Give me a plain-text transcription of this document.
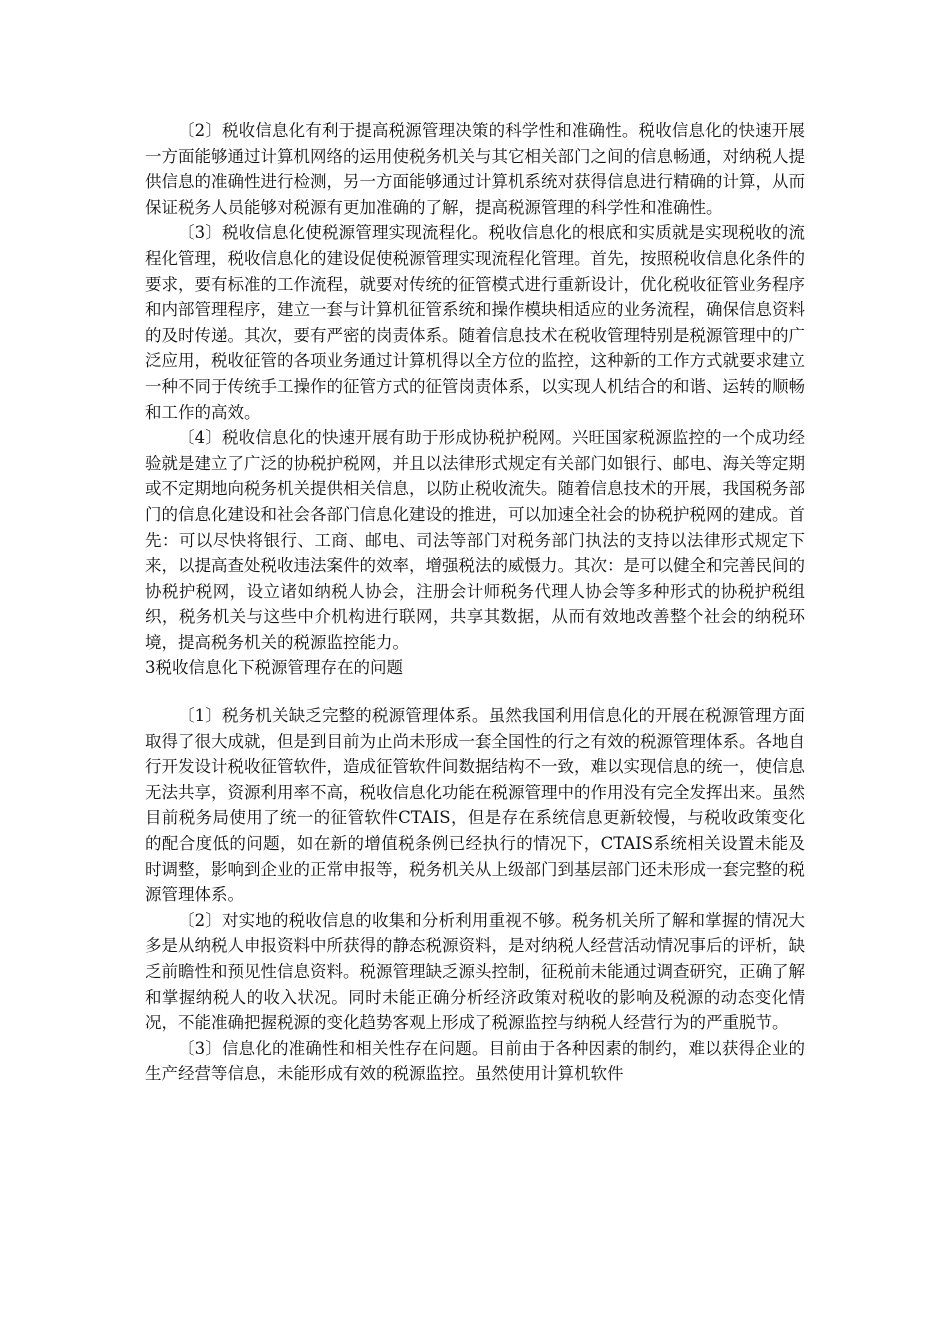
〔2〕税收信息化有利于提高税源管理决策的科学性和准确性。税收信息化的快速开展一方面能够通过计算机网络的运用使税务机关与其它相关部门之间的信息畅通，对纳税人提供信息的准确性进行检测，另一方面能够通过计算机系统对获得信息进行精确的计算，从而保证税务人员能够对税源有更加准确的了解，提高税源管理的科学性和准确性。

〔3〕税收信息化使税源管理实现流程化。税收信息化的根底和实质就是实现税收的流程化管理，税收信息化的建设促使税源管理实现流程化管理。首先，按照税收信息化条件的要求，要有标准的工作流程，就要对传统的征管模式进行重新设计，优化税收征管业务程序和内部管理程序，建立一套与计算机征管系统和操作模块相适应的业务流程，确保信息资料的及时传递。其次，要有严密的岗责体系。随着信息技术在税收管理特别是税源管理中的广泛应用，税收征管的各项业务通过计算机得以全方位的监控，这种新的工作方式就要求建立一种不同于传统手工操作的征管方式的征管岗责体系，以实现人机结合的和谐、运转的顺畅和工作的高效。

〔4〕税收信息化的快速开展有助于形成协税护税网。兴旺国家税源监控的一个成功经验就是建立了广泛的协税护税网，并且以法律形式规定有关部门如银行、邮电、海关等定期或不定期地向税务机关提供相关信息，以防止税收流失。随着信息技术的开展，我国税务部门的信息化建设和社会各部门信息化建设的推进，可以加速全社会的协税护税网的建成。首先：可以尽快将银行、工商、邮电、司法等部门对税务部门执法的支持以法律形式规定下来，以提高查处税收违法案件的效率，增强税法的威慑力。其次：是可以健全和完善民间的协税护税网，设立诸如纳税人协会，注册会计师税务代理人协会等多种形式的协税护税组织，税务机关与这些中介机构进行联网，共享其数据，从而有效地改善整个社会的纳税环境，提高税务机关的税源监控能力。

3税收信息化下税源管理存在的问题

〔1〕税务机关缺乏完整的税源管理体系。虽然我国利用信息化的开展在税源管理方面取得了很大成就，但是到目前为止尚未形成一套全国性的行之有效的税源管理体系。各地自行开发设计税收征管软件，造成征管软件间数据结构不一致，难以实现信息的统一，使信息无法共享，资源利用率不高，税收信息化功能在税源管理中的作用没有完全发挥出来。虽然目前税务局使用了统一的征管软件CTAIS，但是存在系统信息更新较慢，与税收政策变化的配合度低的问题，如在新的增值税条例已经执行的情况下，CTAIS系统相关设置未能及时调整，影响到企业的正常申报等，税务机关从上级部门到基层部门还未形成一套完整的税源管理体系。

〔2〕对实地的税收信息的收集和分析利用重视不够。税务机关所了解和掌握的情况大多是从纳税人申报资料中所获得的静态税源资料，是对纳税人经营活动情况事后的评析，缺乏前瞻性和预见性信息资料。税源管理缺乏源头控制，征税前未能通过调查研究，正确了解和掌握纳税人的收入状况。同时未能正确分析经济政策对税收的影响及税源的动态变化情况，不能准确把握税源的变化趋势客观上形成了税源监控与纳税人经营行为的严重脱节。

〔3〕信息化的准确性和相关性存在问题。目前由于各种因素的制约，难以获得企业的生产经营等信息，未能形成有效的税源监控。虽然使用计算机软件
